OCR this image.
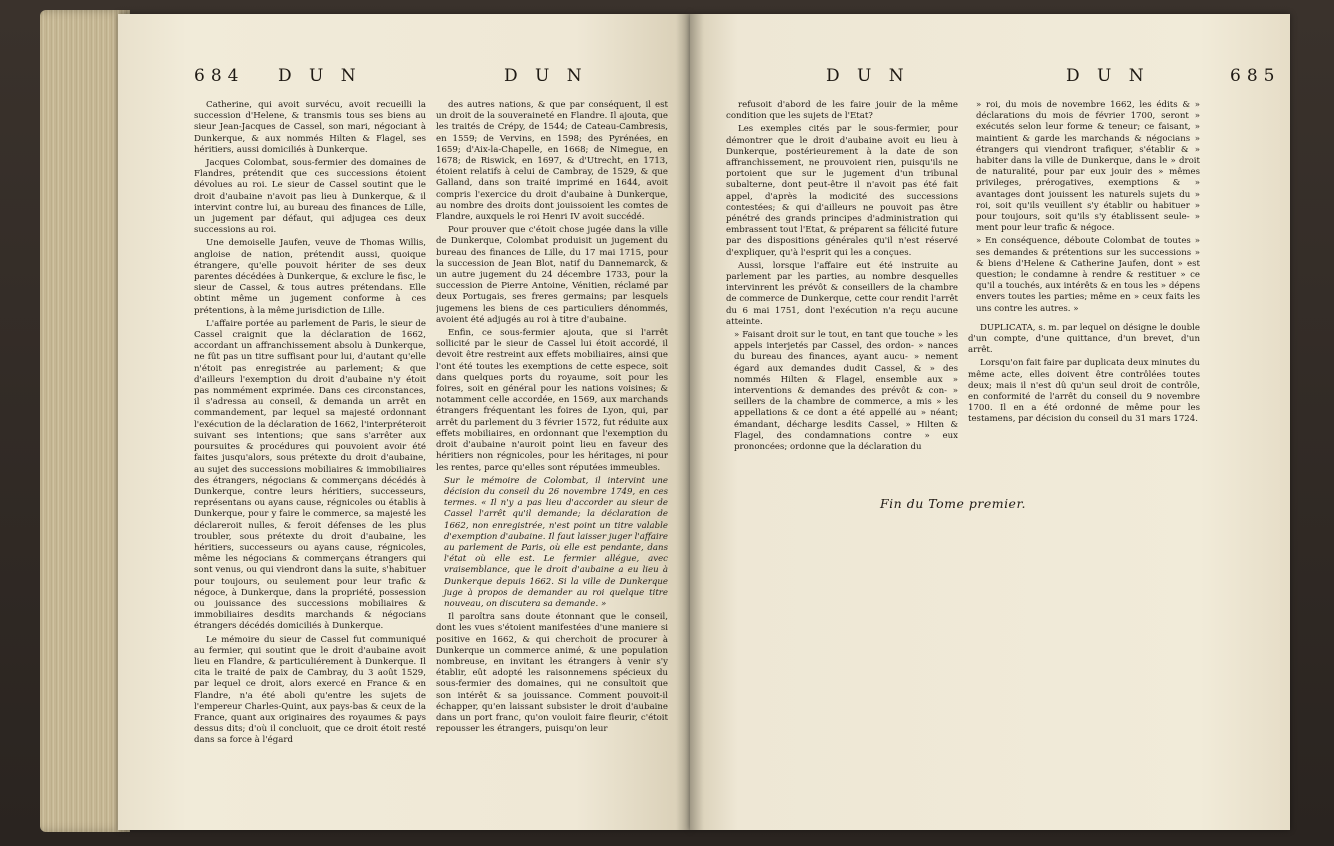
684 D U N	D U N

Catherine, qui avoit survécu, avoit recueilli la succession d'Helene, & transmis tous ses biens au sieur Jean-Jacques de Cassel, son mari, négociant à Dunkerque, & aux nommés Hilten & Flagel, ses héritiers, aussi domiciliés à Dunkerque.

Jacques Colombat, sous-fermier des domaines de Flandres, prétendit que ces successions étoient dévolues au roi. Le sieur de Cassel soutint que le droit d'aubaine n'avoit pas lieu à Dunkerque, & il intervint contre lui, au bureau des finances de Lille, un jugement par défaut, qui adjugea ces deux successions au roi.

Une demoiselle Jaufen, veuve de Thomas Willis, angloise de nation, prétendit aussi, quoique étrangere, qu'elle pouvoit hériter de ses deux parentes décédées à Dunkerque, & exclure le fisc, le sieur de Cassel, & tous autres prétendans. Elle obtint même un jugement conforme à ces prétentions, à la même jurisdiction de Lille.

L'affaire portée au parlement de Paris, le sieur de Cassel craignit que la déclaration de 1662, accordant un affranchissement absolu à Dunkerque, ne fût pas un titre suffisant pour lui, d'autant qu'elle n'étoit pas enregistrée au parlement; & que d'ailleurs l'exemption du droit d'aubaine n'y étoit pas nommément exprimée. Dans ces circonstances, il s'adressa au conseil, & demanda un arrêt en commandement, par lequel sa majesté ordonnant l'exécution de la déclaration de 1662, l'interpréteroit suivant ses intentions; que sans s'arrêter aux poursuites & procédures qui pouvoient avoir été faites jusqu'alors, sous prétexte du droit d'aubaine, au sujet des successions mobiliaires & immobiliaires des étrangers, négocians & commerçans décédés à Dunkerque, contre leurs héritiers, successeurs, représentans ou ayans cause, régnicoles ou établis à Dunkerque, pour y faire le commerce, sa majesté les déclareroit nulles, & feroit défenses de les plus troubler, sous prétexte du droit d'aubaine, les héritiers, successeurs ou ayans cause, régnicoles, même les négocians & commerçans étrangers qui sont venus, ou qui viendront dans la suite, s'habituer pour toujours, ou seulement pour leur trafic & négoce, à Dunkerque, dans la propriété, possession ou jouissance des successions mobiliaires & immobiliaires desdits marchands & négocians étrangers décédés domiciliés à Dunkerque.

Le mémoire du sieur de Cassel fut communiqué au fermier, qui soutint que le droit d'aubaine avoit lieu en Flandre, & particuliérement à Dunkerque. Il cita le traité de paix de Cambray, du 3 août 1529, par lequel ce droit, alors exercé en France & en Flandre, n'a été aboli qu'entre les sujets de l'empereur Charles-Quint, aux pays-bas & ceux de la France, quant aux originaires des royaumes & pays dessus dits; d'où il concluoit, que ce droit étoit resté dans sa force à l'égard

des autres nations, & que par conséquent, il est un droit de la souveraineté en Flandre. Il ajouta, que les traités de Crépy, de 1544; de Cateau-Cambresis, en 1559; de Vervins, en 1598; des Pyrénées, en 1659; d'Aix-la-Chapelle, en 1668; de Nimegue, en 1678; de Riswick, en 1697, & d'Utrecht, en 1713, étoient relatifs à celui de Cambray, de 1529, & que Galland, dans son traité imprimé en 1644, avoit compris l'exercice du droit d'aubaine à Dunkerque, au nombre des droits dont jouissoient les comtes de Flandre, auxquels le roi Henri IV avoit succédé.

Pour prouver que c'étoit chose jugée dans la ville de Dunkerque, Colombat produisit un jugement du bureau des finances de Lille, du 17 mai 1715, pour la succession de Jean Blot, natif du Dannemarck, & un autre jugement du 24 décembre 1733, pour la succession de Pierre Antoine, Vénitien, réclamé par deux Portugais, ses freres germains; par lesquels jugemens les biens de ces particuliers dénommés, avoient été adjugés au roi à titre d'aubaine.

Enfin, ce sous-fermier ajouta, que si l'arrêt sollicité par le sieur de Cassel lui étoit accordé, il devoit être restreint aux effets mobiliaires, ainsi que l'ont été toutes les exemptions de cette espece, soit dans quelques ports du royaume, soit pour les foires, soit en général pour les nations voisines; & notamment celle accordée, en 1569, aux marchands étrangers fréquentant les foires de Lyon, qui, par arrêt du parlement du 3 février 1572, fut réduite aux effets mobiliaires, en ordonnant que l'exemption du droit d'aubaine n'auroit point lieu en faveur des héritiers non régnicoles, pour les héritages, ni pour les rentes, parce qu'elles sont réputées immeubles.

Sur le mémoire de Colombat, il intervint une décision du conseil du 26 novembre 1749, en ces termes. « Il n'y a pas lieu d'accorder au sieur de Cassel l'arrêt qu'il demande; la déclaration de 1662, non enregistrée, n'est point un titre valable d'exemption d'aubaine. Il faut laisser juger l'affaire au parlement de Paris, où elle est pendante, dans l'état où elle est. Le fermier allégue, avec vraisemblance, que le droit d'aubaine a eu lieu à Dunkerque depuis 1662. Si la ville de Dunkerque juge à propos de demander au roi quelque titre nouveau, on discutera sa demande. »

Il paroîtra sans doute étonnant que le conseil, dont les vues s'étoient manifestées d'une maniere si positive en 1662, & qui cherchoit de procurer à Dunkerque un commerce animé, & une population nombreuse, en invitant les étrangers à venir s'y établir, eût adopté les raisonnemens spécieux du sous-fermier des domaines, qui ne consultoit que son intérêt & sa jouissance. Comment pouvoit-il échapper, qu'en laissant subsister le droit d'aubaine dans un port franc, qu'on vouloit faire fleurir, c'étoit repousser les étrangers, puisqu'on leur

D U N	D U N	685

refusoit d'abord de les faire jouir de la même condition que les sujets de l'Etat?

Les exemples cités par le sous-fermier, pour démontrer que le droit d'aubaine avoit eu lieu à Dunkerque, postérieurement à la date de son affranchissement, ne prouvoient rien, puisqu'ils ne portoient que sur le jugement d'un tribunal subalterne, dont peut-être il n'avoit pas été fait appel, d'après la modicité des successions contestées; & qui d'ailleurs ne pouvoit pas être pénétré des grands principes d'administration qui embrassent tout l'Etat, & préparent sa félicité future par des dispositions générales qu'il n'est réservé d'expliquer, qu'à l'esprit qui les a conçues.

Aussi, lorsque l'affaire eut été instruite au parlement par les parties, au nombre desquelles intervinrent les prévôt & conseillers de la chambre de commerce de Dunkerque, cette cour rendit l'arrêt du 6 mai 1751, dont l'exécution n'a reçu aucune atteinte.

» Faisant droit sur le tout, en tant que touche » les appels interjetés par Cassel, des ordon- » nances du bureau des finances, ayant aucu- » nement égard aux demandes dudit Cassel, & » des nommés Hilten & Flagel, ensemble aux » interventions & demandes des prévôt & con- » seillers de la chambre de commerce, a mis » les appellations & ce dont a été appellé au » néant; émandant, décharge lesdits Cassel, » Hilten & Flagel, des condamnations contre » eux prononcées; ordonne que la déclaration du

» roi, du mois de novembre 1662, les édits & » déclarations du mois de février 1700, seront » exécutés selon leur forme & teneur; ce faisant, » maintient & garde les marchands & négocians » étrangers qui viendront trafiquer, s'établir & » habiter dans la ville de Dunkerque, dans le » droit de naturalité, pour par eux jouir des » mêmes privileges, prérogatives, exemptions & » avantages dont jouissent les naturels sujets du » roi, soit qu'ils veuillent s'y établir ou habituer » pour toujours, soit qu'ils s'y établissent seule- » ment pour leur trafic & négoce.

» En conséquence, déboute Colombat de toutes » ses demandes & prétentions sur les successions » & biens d'Helene & Catherine Jaufen, dont » est question; le condamne à rendre & restituer » ce qu'il a touchés, aux intérêts & en tous les » dépens envers toutes les parties; même en » ceux faits les uns contre les autres. »

DUPLICATA, s. m. par lequel on désigne le double d'un compte, d'une quittance, d'un brevet, d'un arrêt.

Lorsqu'on fait faire par duplicata deux minutes du même acte, elles doivent être contrôlées toutes deux; mais il n'est dû qu'un seul droit de contrôle, en conformité de l'arrêt du conseil du 9 novembre 1700. Il en a été ordonné de même pour les testamens, par décision du conseil du 31 mars 1724.

Fin du Tome premier.
